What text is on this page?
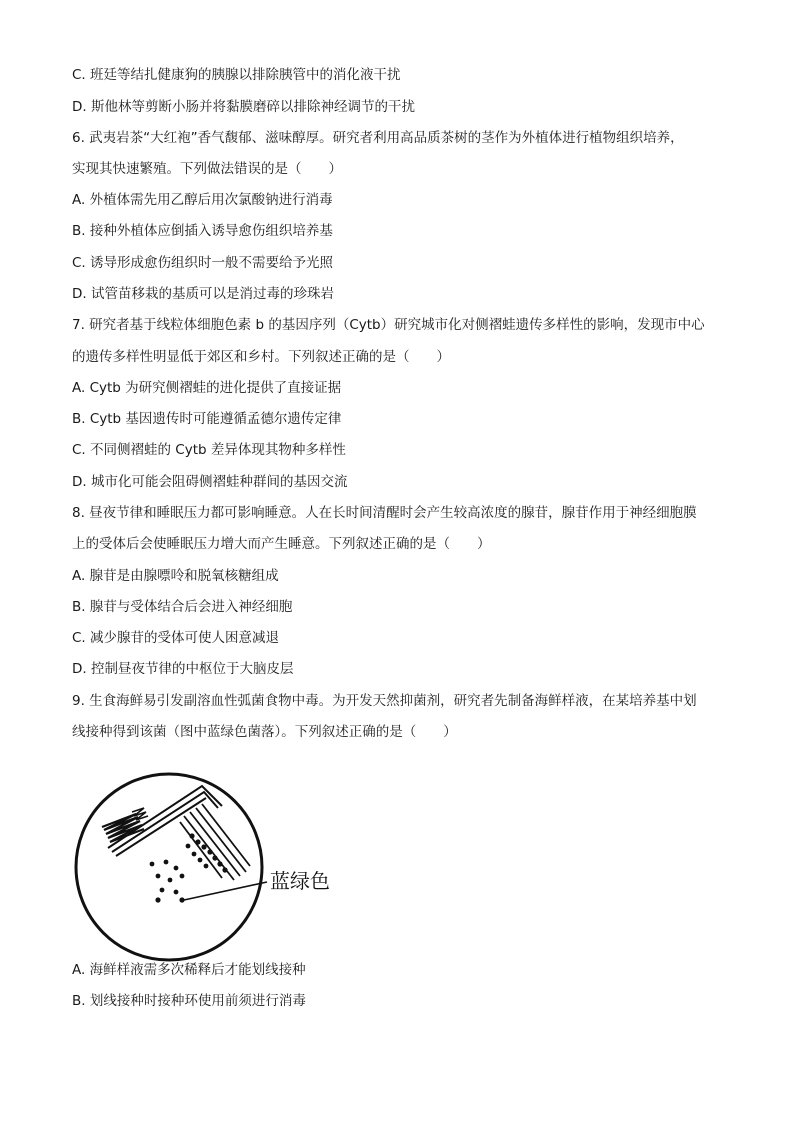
C. 班廷等结扎健康狗的胰腺以排除胰管中的消化液干扰
D. 斯他林等剪断小肠并将黏膜磨碎以排除神经调节的干扰
6. 武夷岩茶“大红袍”香气馥郁、滋味醇厚。研究者利用高品质茶树的茎作为外植体进行植物组织培养，
实现其快速繁殖。下列做法错误的是（　　）
A. 外植体需先用乙醇后用次氯酸钠进行消毒
B. 接种外植体应倒插入诱导愈伤组织培养基
C. 诱导形成愈伤组织时一般不需要给予光照
D. 试管苗移栽的基质可以是消过毒的珍珠岩
7. 研究者基于线粒体细胞色素 b 的基因序列（Cytb）研究城市化对侧褶蛙遗传多样性的影响，发现市中心
的遗传多样性明显低于郊区和乡村。下列叙述正确的是（　　）
A. Cytb 为研究侧褶蛙的进化提供了直接证据
B. Cytb 基因遗传时可能遵循孟德尔遗传定律
C. 不同侧褶蛙的 Cytb 差异体现其物种多样性
D. 城市化可能会阻碍侧褶蛙种群间的基因交流
8. 昼夜节律和睡眠压力都可影响睡意。人在长时间清醒时会产生较高浓度的腺苷，腺苷作用于神经细胞膜
上的受体后会使睡眠压力增大而产生睡意。下列叙述正确的是（　　）
A. 腺苷是由腺嘌呤和脱氧核糖组成
B. 腺苷与受体结合后会进入神经细胞
C. 减少腺苷的受体可使人困意减退
D. 控制昼夜节律的中枢位于大脑皮层
9. 生食海鲜易引发副溶血性弧菌食物中毒。为开发天然抑菌剂，研究者先制备海鲜样液，在某培养基中划
线接种得到该菌（图中蓝绿色菌落）。下列叙述正确的是（　　）
蓝绿色
A. 海鲜样液需多次稀释后才能划线接种
B. 划线接种时接种环使用前须进行消毒
